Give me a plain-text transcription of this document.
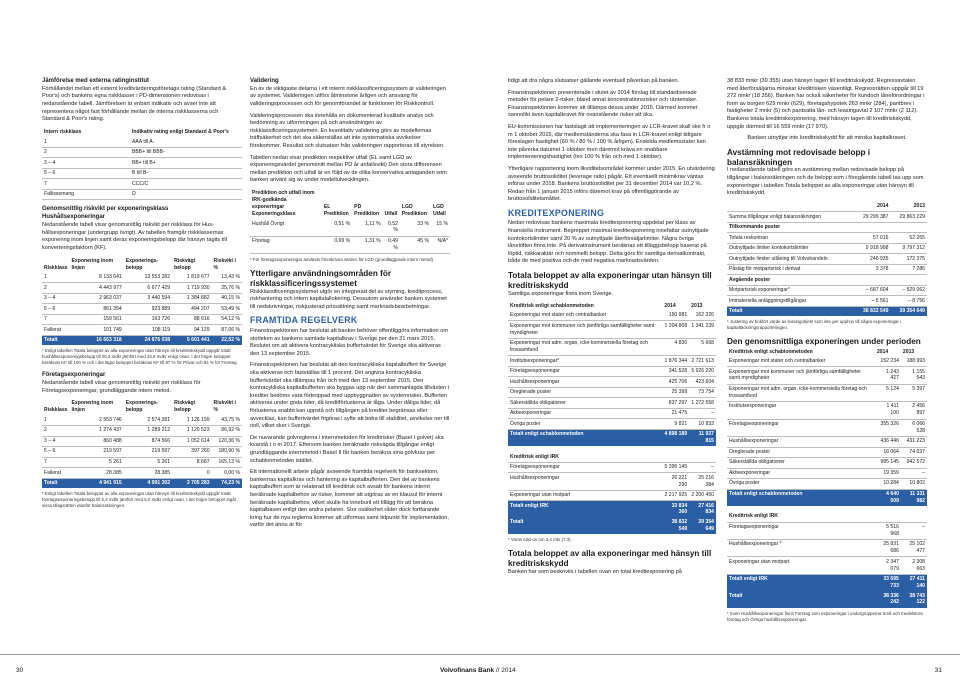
Jämförelse med externa ratinginstitut
Förhållandet mellan ett externt kreditvärderingsföretags rating (Standard & Poor's) och bankens egna riskklasser i PD-dimensionen redovisas i nedanstående tabell. Jämförelsen är enbart indikativ och avser inte att representera något fast förhållande mellan de interna riskklasserna och Standard & Poor's rating.
Intern riskklass	Indikativ rating enligt Standard & Poor's
1	AAA till A-
2	BBB+ till BBB-
3 – 4	BB+ till B+
5 – 6	B till B-
7	CCC/C
Fallissemang	D
Genomsnittlig riskvikt per exponeringsklass
Hushållsexponeringar
Nedanstående tabell visar genomsnittlig riskvikt per riskklass för Hushållsexponeringar (undergrupp övrigt). Av tabellen framgår riskklassernas exponering inom linjen samt deras exponeringsbelopp där hänsyn tagits till konverteringsfaktorn (KF).
Riskklass	Exponering inom linjen	Exponeringsbelopp	Riskvägt belopp	Riskvikt i %
1	8 133 641	13 553 282	1 819 677	13,43 %
2	4 443 977	6 677 429	1 719 930	25,76 %
3 – 4	2 963 037	3 440 594	1 384 882	40,15 %
5 – 6	861 354	923 889	494 207	53,49 %
7	159 561	163 726	88 616	54,12 %
Fallerat	101 749	108 119	94 129	87,06 %
Totalt	16 663 318	24 876 038	5 601 441	22,52 %
* Enligt tabellen Totala beloppet av alla exponeringar utan hänsyn till kreditriskskydd uppgår totalt hushållsexponeringsbelopp till 26,3 mdkr jämfört med 24,9 mdkr enligt ovan. I det högre beloppet beräknas KF till 100 % och i det lägre beloppet beräknas KF till 87 % för Privat och 84 % för Företag.
Företagsexponeringar
Nedanstående tabell visar genomsnittlig riskvikt per riskklass för Företagsexponeringar, grundläggande intern metod.
Riskklass	Exponering inom linjen	Exponeringsbelopp	Riskvägt belopp	Riskvikt i %
1	2 553 746	2 574 381	1 126 199	43,75 %
2	1 274 437	1 289 212	1 120 523	86,92 %
3 – 4	860 488	874 566	1 052 614	120,36 %
5 – 6	219 597	219 597	397 260	180,90 %
7	5 261	5 261	8 687	165,13 %
Fallerat	28 385	28 385	0	0,00 %
Totalt	4 941 915	4 991 302	3 705 283	74,23 %
* Enligt tabellen Totala beloppet av alla exponeringar utan hänsyn till kreditriskskydd uppgår totalt företagsexponeringsbelopp till 5,4 mdkr jämfört med 5,0 mdkr enligt ovan. I det högre beloppet ingår vissa tillagsrätten utanför balansräkningen.
Validering
En av de viktigaste delarna i ett internt riskklassificeringssystem är valideringen av systemet. Valideringen utförs åtminstone årligen och ansvarig för valideringsprocessen och för genomförandet är funktionen för Riskkontroll.
Valideringsprocessen ska innehålla en dokumenterad kvalitativ analys och bedömning av utformningen på och användningen av riskklassificeringssystemen. En kvantitativ validering görs av modellernas träffsäkerhet och det ska säkerställas att inte systematiska avvikelser förekommer. Resultat och slutsatser från valideringen rapporteras till styrelsen.
Tabellen nedan visar prediktion respektive utfall (EL samt LGD av exponeringsvärdet genomsnitt mellan PD år anfallsvikt) Den stora differensen mellan prediktion och utfall är en följd av de olika konservativa antaganden som banken använt sig av under modellutvecklingen.
Prediktion och utfall inom IRK-godkända exponeringar Exponeringsklass	EL Prediktion	PD Prediktion	Utfall	LGD Prediktion	LGD Utfall
Hushåll Övrigt	0,51 %	1,11 %	0,52 %	33 %	15 %
Företag	0,69 %	1,31 %	0,49 %	45 %	N/A*
* För företagsexponeringar används föreskrivna värden för LGD (grundläggande intern metod).
Ytterligare användningsområden för riskklassificeringssystemet
Riskklassificeringssystemet utgör en integrerad del av styrning, kreditprocess, riskhantering och intern kapitalallokering. Dessutom använder banken systemet till nedskrivningar, riskjusterad prissättning samt marknadsbearbetningar.
FRAMTIDA REGELVERK
Finansinspektionen har beslutat att banker behöver offentliggöra information om storleken av bankens samlade kapitalkrav i Sverige per den 31 mars 2015. Beslutet om att aktivera kontracykliska buffertvärdet för Sverige ska aktiveras den 13 september 2015.
Finansinspektionen har beslutat att den kontracykliska kapitalbuffert för Sverige ska aktiveras och fastställas till 1 procent. Det angivna kontracykliska buffertvärdet ska tillämpas från och med den 13 september 2015. Den kontracykliska kapitalbufferten ska byggas upp när den sammanlagda tillväxten i krediter bedöms vara förknippad med uppbyggnaden av systemrisker. Bufferten aktiveras under goda tider, då kreditförlusterna är låga. Under dåliga tider, då förlusterna snabbt kan uppstå och tillgången på krediter begränsas eller avvecklas, kan buffertvärdet frigöras i syfte att bidra till stabilitet, avvikelse ner till noll, vilket sker i Sverige.
De nuvarande golvreglerna i internmetoden för kreditrisker (Basel I golvet) ska kvarstå t o m 2017. Eftersom banken beräknade riskvägda tillgångar enligt grundläggande internmetod i Basel II får banken beräkna sina golvkrav per schablonmetoden istället.
Ett internationellt arbete pågår avseende framtida regelverk för banksektorn, bankernas kapitalkrav och hantering av kapitalbufferten. Den del av bankens kapitalbuffert som är relaterad till kreditrisk och avsatt för bankens internt beräknade kapitalbehov av risker, kommer att utgöras av en klausul för internt beräknade kapitalbehov, vilket skulle ha inneburit ett tillägg för att beräkna kapitalbasen enligt den andra pelaren. Stor osäkerhet råder dock fortfarande kring hur de nya reglerna kommer att utformas samt tidpunkt för implementation, varför det ännu är för
tidigt att dra några slutsatser gällande eventuell påverkan på banken.
Finansinspektionen presenterade i slutet av 2014 förslag till standardiserade metoder för pelare 2-risker, bland annat koncentrationsrisker och ränterisker. Finansinspektionen kommer att tillämpa dessa under 2015. Därmed kommer sannolikt även kapitalkravet för ovanstående risker att öka.
EU-kommissionen har fastslagit att implementeringen av LCR-kravet skall ske fr o m 1 oktober 2015, där medlemsländerna ska fasa in LCR-kravet enligt tidigare föreslagen hastighet (60 % / 80 % / 100 % årligen). Enskilda medlemsstater kan inte påverka datumet 1 oktober men däremot kräva en snabbare implementeringshastighet (tex 100 % från och med 1 oktober).
Ytterligare rapportering inom likviditetsområdet kommer under 2015. En utvärdering avseende bruttosoliditet (leverage ratio) pågår. Ett eventuellt minimikrav väntas införas under 2018. Bankens bruttosoliditet per 31 december 2014 var 10,2 %. Redan från 1 januari 2015 införs däremot krav på offentliggörande av bruttosoliditetsmåttet.
KREDITEXPONERING
Nedan redovisas bankens maximala kreditexponering uppdelat per klass av finansiella instrument. Begreppet maximal kreditexponering innefattar outnyttjade kontokortslimiter samt 20 % av outnyttjade återförsäljarlimiter. Några övriga lånelöften finns inte. På derivatinstrument beräknas ett tilläggsbelopp baserat på löptid, riskkaraktär och nominellt belopp. Detta görs för samtliga derivatkontrakt, både de med positiva och de med negativa marknadsvärden.
Totala beloppet av alla exponeringar utan hänsyn till kreditriskskydd
Samtliga exponeringar finns inom Sverige.
Kreditrisk enligt schablonmetoden	2014	2013
Exponeringar mot stater och centralbanker	150 981	162 326
Exponeringar mot kommuner och jämförliga samfälligheter samt myndigheter	1 204 808	1 341 239
Exponeringar mot adm. organ, icke-kommersiella företag och trossamfund	4 830	5 668
Institutsexponeringar*	1 876 344	2 721 613
Företagsexponeringar	341 528	5 926 220
Hushållsexponeringar	425 706	423 604
Oreglerade poster	25 399	73 754
Säkerställda obligationer	837 297	1 272 558
Aktieexponeringar	21 475	–
Övriga poster	9 821	10 833
Totalt enligt schablonmetoden	4 898 189	11 937 815

Kreditrisk enligt IRK		
Företagsexponeringar	5 395 145	–
Hushållsexponeringar	26 221 290	25 216 384
Exponeringar utan motpart	2 217 925	2 200 450
Totalt enligt IRK	33 834 360	27 416 834
Totalt	38 832 549	39 354 649
* Varav Add-on om 3,4 mkr (7,3).
Totala beloppet av alla exponeringar med hänsyn till kreditriskskydd
Banken har som beskrivits i tabellen ovan en total kreditexponering på
38 833 mnkr (39 355) utan hänsyn tagen till kreditriskskydd. Regressavtalen med återförsäljarna minskar kreditrisken väsentligt. Regressrätten uppgår till 19 272 mnkr (18 356). Banken har också säkerheter för kundoch låneförordningar i form av borgen 629 mnkr (629), företagshypotek 263 mnkr (284), pantbrev i fastigheter 2 mnkr (5) och pantsatta lån- och leasingavtal 2 107 mnkr (2 112). Bankens totala kreditriskexponering, med hänsyn tagen till kreditriskskydd, uppgår därmed till 16 559 mnkr (17 970).
Banken utnyttjar inte kreditriskskydd för att minska kapitalkravet.
Avstämning mot redovisade belopp i balansräkningen
I nedanstående tabell görs en avstämning mellan redovisade belopp på tillgångar i balansräkningen och de belopp som i föregående tabell tas upp som exponeringar i tabellen Totala beloppet av alla exponeringar utan hänsyn till kreditriskskydd.
	2014	2013
Summa tillgångar enligt balansräkningen	29 299 387	29 863 229
Tillkommande poster		
Totala reskontran	57 016	52 265
Outnyttjade limiter kontokortslimiter	9 918 998	9 797 312
Outnyttjade limiter utlåning till Volvohandeln	246 935	172 375
Påslag för motpartsrisk i derivat	3 378	7 286
Avgående poster		
Motpartsrisk exponeringar*	– 687 604	– 529 062
Immateriella anläggningstillgångar	– 5 561	– 8 756
Totalt	38 832 549	39 354 649
* Justering av bokfört värde av leasingobjekt som inte ger upphov till några exponeringar i kapitaltäckningsrapporteringen.
Den genomsnittliga exponeringen under perioden
Kreditrisk enligt schablonmetoden	2014	2013
Exponeringar mot stater och centralbanker	152 234	188 993
Exponeringar mot kommuner och jämförliga samfälligheter samt myndigheter	1 243 427	1 155 543
Exponeringar mot adm. organ, icke-kommersiella företag och trossamfund	5 124	5 397
Institutsexponeringar	1 411 100	2 456 897
Företagsexponeringar	355 326	6 066 528
Hushållsexponeringar	436 446	431 223
Oreglerade poster	16 064	74 037
Säkerställda obligationer	985 145	942 572
Aktieexponeringar	19 359	–
Övriga poster	10 284	10 802
Totalt enligt schablonmetoden	4 640 509	11 331 982

Kreditrisk enligt IRK		
Företagsexponeringar	5 516 968	–
Hushållsexponeringar *	25 831 686	25 102 477
Exponeringar utan motpart	2 347 079	2 308 663
Totalt enligt IRK	33 695 733	27 411 140
Totalt	38 336 242	38 743 122
* Inom Hushållsexponeringar finns Företag som exponeringar i undergrupperna Små och medelstora företag och Övriga hushållsexponeringar.
30	Volvofinans Bank // 2014	31
